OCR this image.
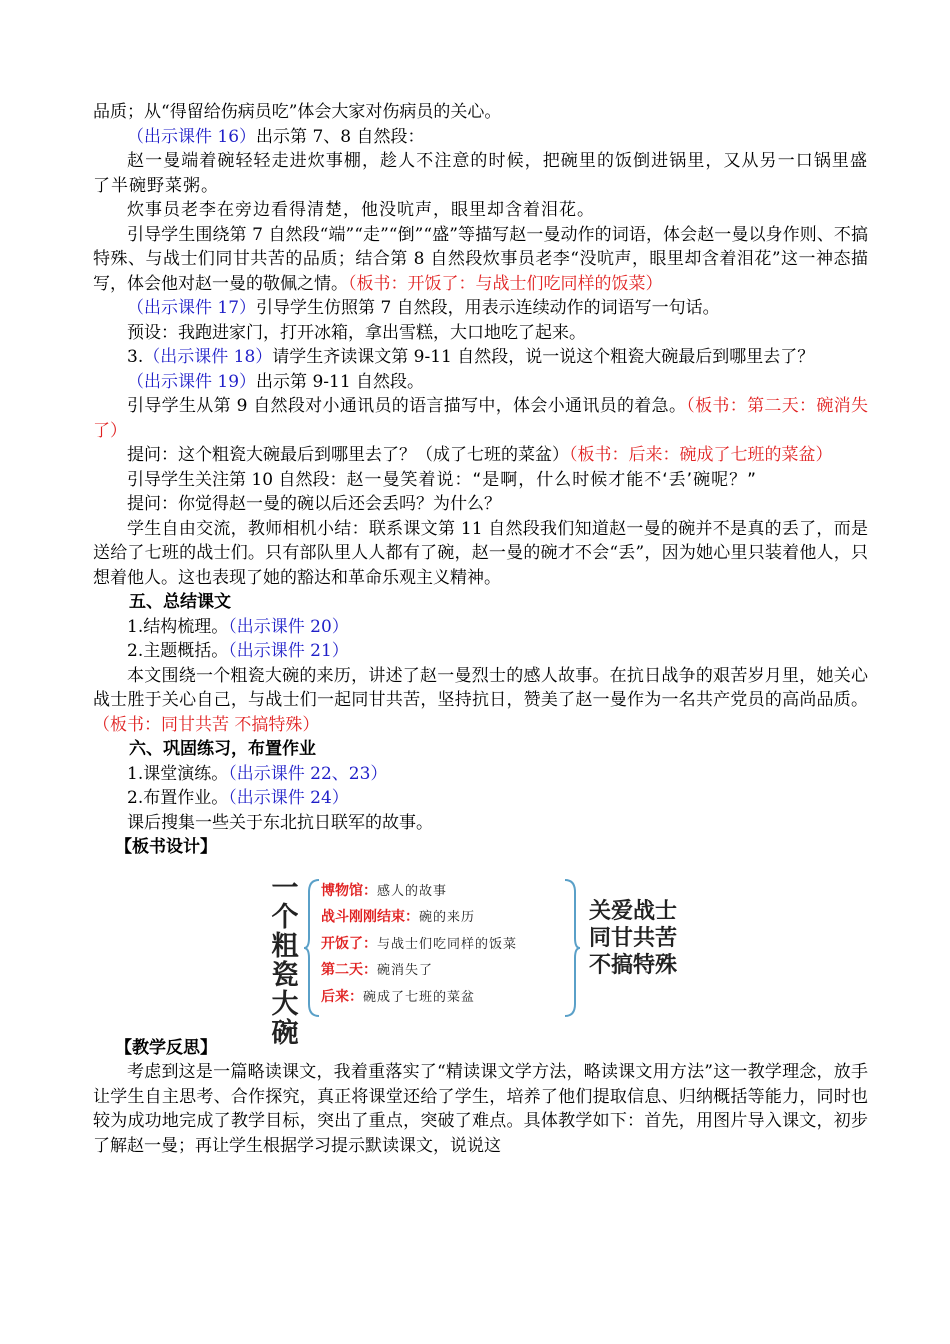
品质；从“得留给伤病员吃”体会大家对伤病员的关心。

（出示课件 16）出示第 7、8 自然段：

赵一曼端着碗轻轻走进炊事棚，趁人不注意的时候，把碗里的饭倒进锅里，又从另一口锅里盛了半碗野菜粥。

炊事员老李在旁边看得清楚，他没吭声，眼里却含着泪花。

引导学生围绕第 7 自然段“端”“走”“倒”“盛”等描写赵一曼动作的词语，体会赵一曼以身作则、不搞特殊、与战士们同甘共苦的品质；结合第 8 自然段炊事员老李“没吭声，眼里却含着泪花”这一神态描写，体会他对赵一曼的敬佩之情。（板书：开饭了：与战士们吃同样的饭菜）

（出示课件 17）引导学生仿照第 7 自然段，用表示连续动作的词语写一句话。

预设：我跑进家门，打开冰箱，拿出雪糕，大口地吃了起来。

3.（出示课件 18）请学生齐读课文第 9-11 自然段，说一说这个粗瓷大碗最后到哪里去了？

（出示课件 19）出示第 9-11 自然段。

引导学生从第 9 自然段对小通讯员的语言描写中，体会小通讯员的着急。（板书：第二天：碗消失了）

提问：这个粗瓷大碗最后到哪里去了？（成了七班的菜盆）（板书：后来：碗成了七班的菜盆）

引导学生关注第 10 自然段：赵一曼笑着说：“是啊，什么时候才能不‘丢’碗呢？”

提问：你觉得赵一曼的碗以后还会丢吗？为什么？

学生自由交流，教师相机小结：联系课文第 11 自然段我们知道赵一曼的碗并不是真的丢了，而是送给了七班的战士们。只有部队里人人都有了碗，赵一曼的碗才不会“丢”，因为她心里只装着他人，只想着他人。这也表现了她的豁达和革命乐观主义精神。

五、总结课文

1.结构梳理。（出示课件 20）

2.主题概括。（出示课件 21）

本文围绕一个粗瓷大碗的来历，讲述了赵一曼烈士的感人故事。在抗日战争的艰苦岁月里，她关心战士胜于关心自己，与战士们一起同甘共苦，坚持抗日，赞美了赵一曼作为一名共产党员的高尚品质。（板书：同甘共苦 不搞特殊）

六、巩固练习，布置作业

1.课堂演练。（出示课件 22、23）

2.布置作业。（出示课件 24）

课后搜集一些关于东北抗日联军的故事。

【板书设计】

一
个
粗
瓷
大
碗
博物馆：感人的故事
战斗刚刚结束：碗的来历
开饭了：与战士们吃同样的饭菜
第二天：碗消失了
后来：碗成了七班的菜盆
关爱战士
同甘共苦
不搞特殊

【教学反思】

考虑到这是一篇略读课文，我着重落实了“精读课文学方法，略读课文用方法”这一教学理念，放手让学生自主思考、合作探究，真正将课堂还给了学生，培养了他们提取信息、归纳概括等能力，同时也较为成功地完成了教学目标，突出了重点，突破了难点。具体教学如下：首先，用图片导入课文，初步了解赵一曼；再让学生根据学习提示默读课文，说说这
